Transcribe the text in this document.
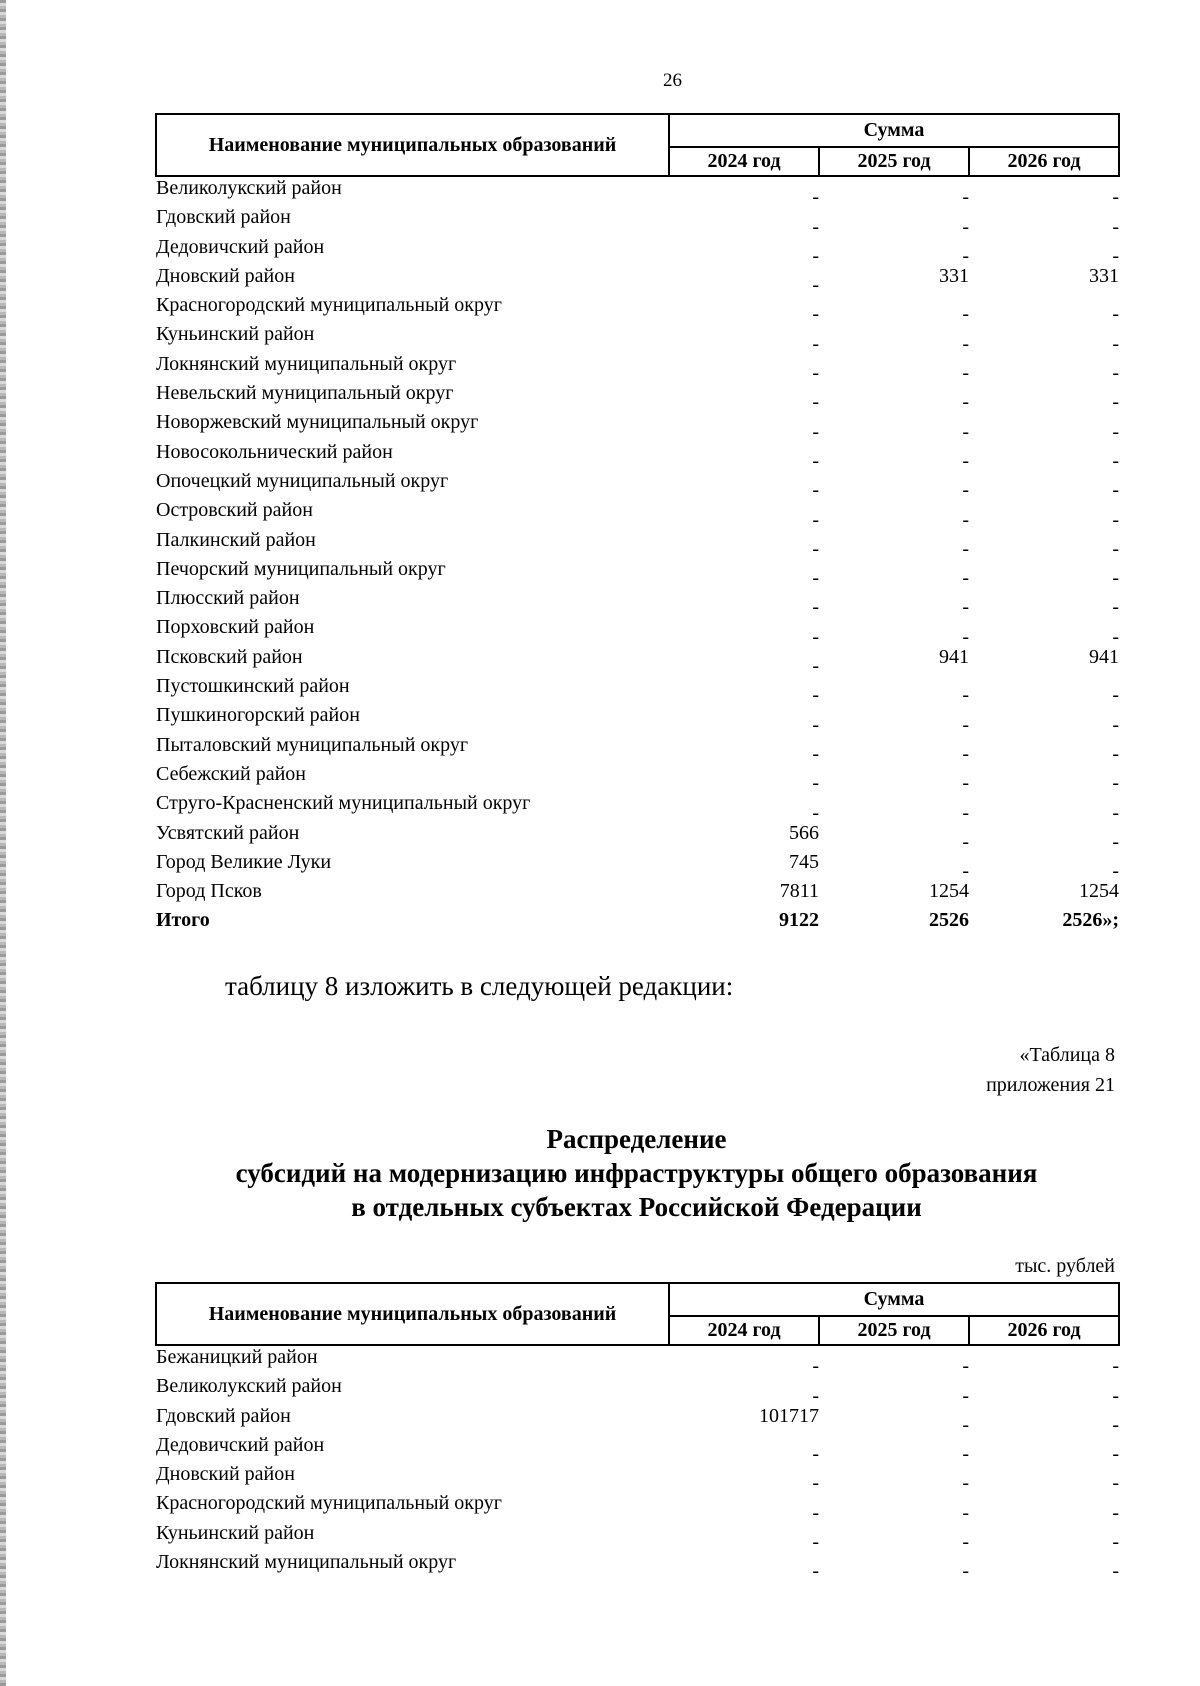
26
Наименование муниципальных образований	Сумма		
	2024 год	2025 год	2026 год
Великолукский район	-	-	-
Гдовский район	-	-	-
Дедовичский район	-	-	-
Дновский район	-	331	331
Красногородский муниципальный округ	-	-	-
Куньинский район	-	-	-
Локнянский муниципальный округ	-	-	-
Невельский муниципальный округ	-	-	-
Новоржевский муниципальный округ	-	-	-
Новосокольнический район	-	-	-
Опочецкий муниципальный округ	-	-	-
Островский район	-	-	-
Палкинский район	-	-	-
Печорский муниципальный округ	-	-	-
Плюсский район	-	-	-
Порховский район	-	-	-
Псковский район	-	941	941
Пустошкинский район	-	-	-
Пушкиногорский район	-	-	-
Пыталовский муниципальный округ	-	-	-
Себежский район	-	-	-
Струго-Красненский муниципальный округ	-	-	-
Усвятский район	566	-	-
Город Великие Луки	745	-	-
Город Псков	7811	1254	1254
Итого	9122	2526	2526»;
таблицу 8 изложить в следующей редакции:
«Таблица 8
приложения 21
Распределение
субсидий на модернизацию инфраструктуры общего образования
в отдельных субъектах Российской Федерации
тыс. рублей
Наименование муниципальных образований	Сумма		
	2024 год	2025 год	2026 год
Бежаницкий район	-	-	-
Великолукский район	-	-	-
Гдовский район	101717	-	-
Дедовичский район	-	-	-
Дновский район	-	-	-
Красногородский муниципальный округ	-	-	-
Куньинский район	-	-	-
Локнянский муниципальный округ	-	-	-
